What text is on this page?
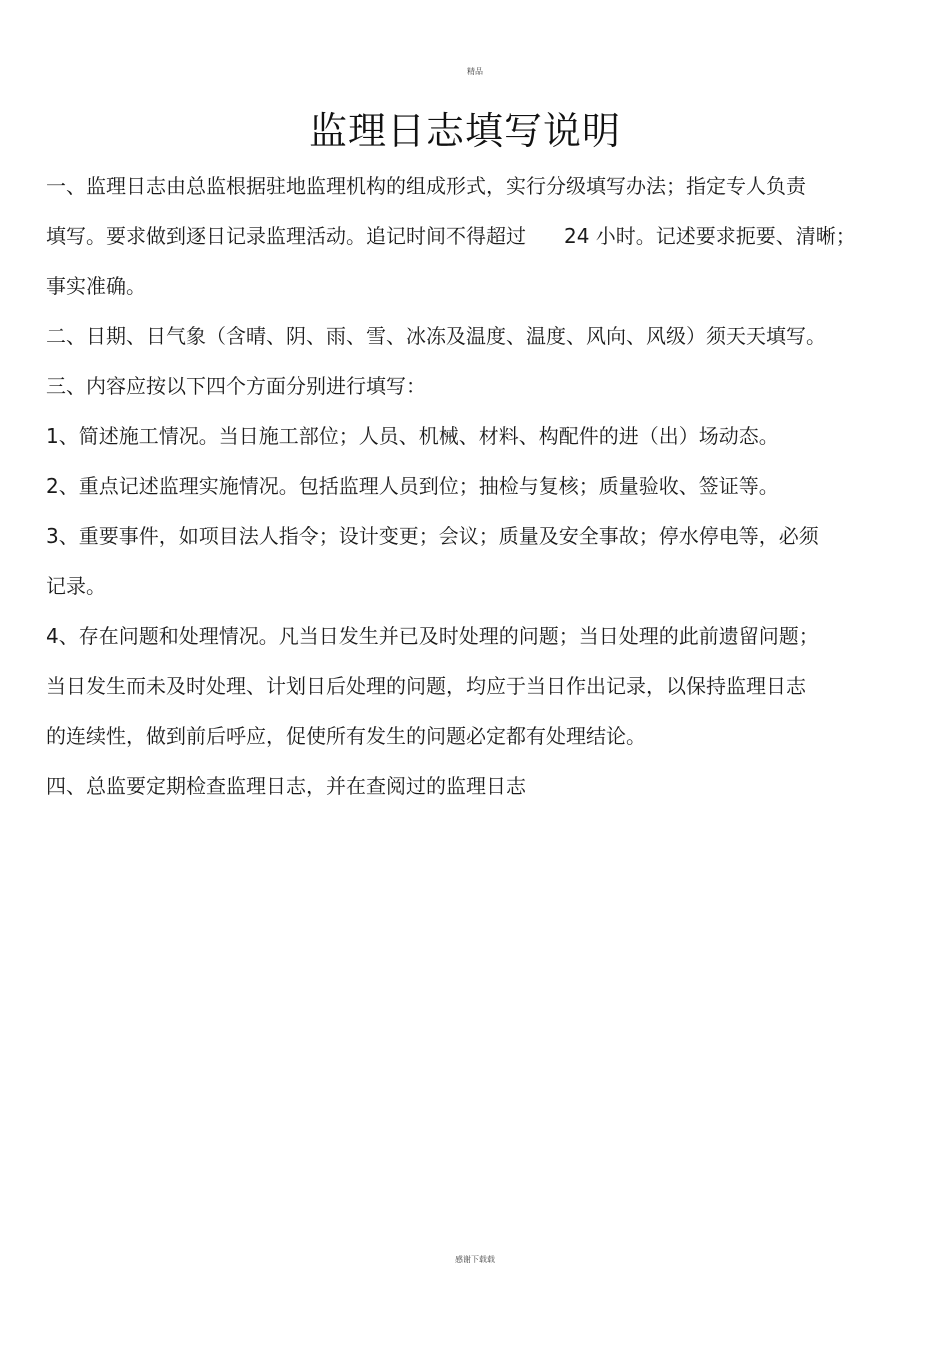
精品
监理日志填写说明
一、监理日志由总监根据驻地监理机构的组成形式，实行分级填写办法；指定专人负责
填写。要求做到逐日记录监理活动。追记时间不得超过 24 小时。记述要求扼要、清晰；
事实准确。
二、日期、日气象（含晴、阴、雨、雪、冰冻及温度、温度、风向、风级）须天天填写。
三、内容应按以下四个方面分别进行填写：
1、简述施工情况。当日施工部位；人员、机械、材料、构配件的进（出）场动态。
2、重点记述监理实施情况。包括监理人员到位；抽检与复核；质量验收、签证等。
3、重要事件，如项目法人指令；设计变更；会议；质量及安全事故；停水停电等，必须
记录。
4、存在问题和处理情况。凡当日发生并已及时处理的问题；当日处理的此前遗留问题；
当日发生而未及时处理、计划日后处理的问题，均应于当日作出记录，以保持监理日志
的连续性，做到前后呼应，促使所有发生的问题必定都有处理结论。
四、总监要定期检查监理日志，并在查阅过的监理日志
感谢下载载
